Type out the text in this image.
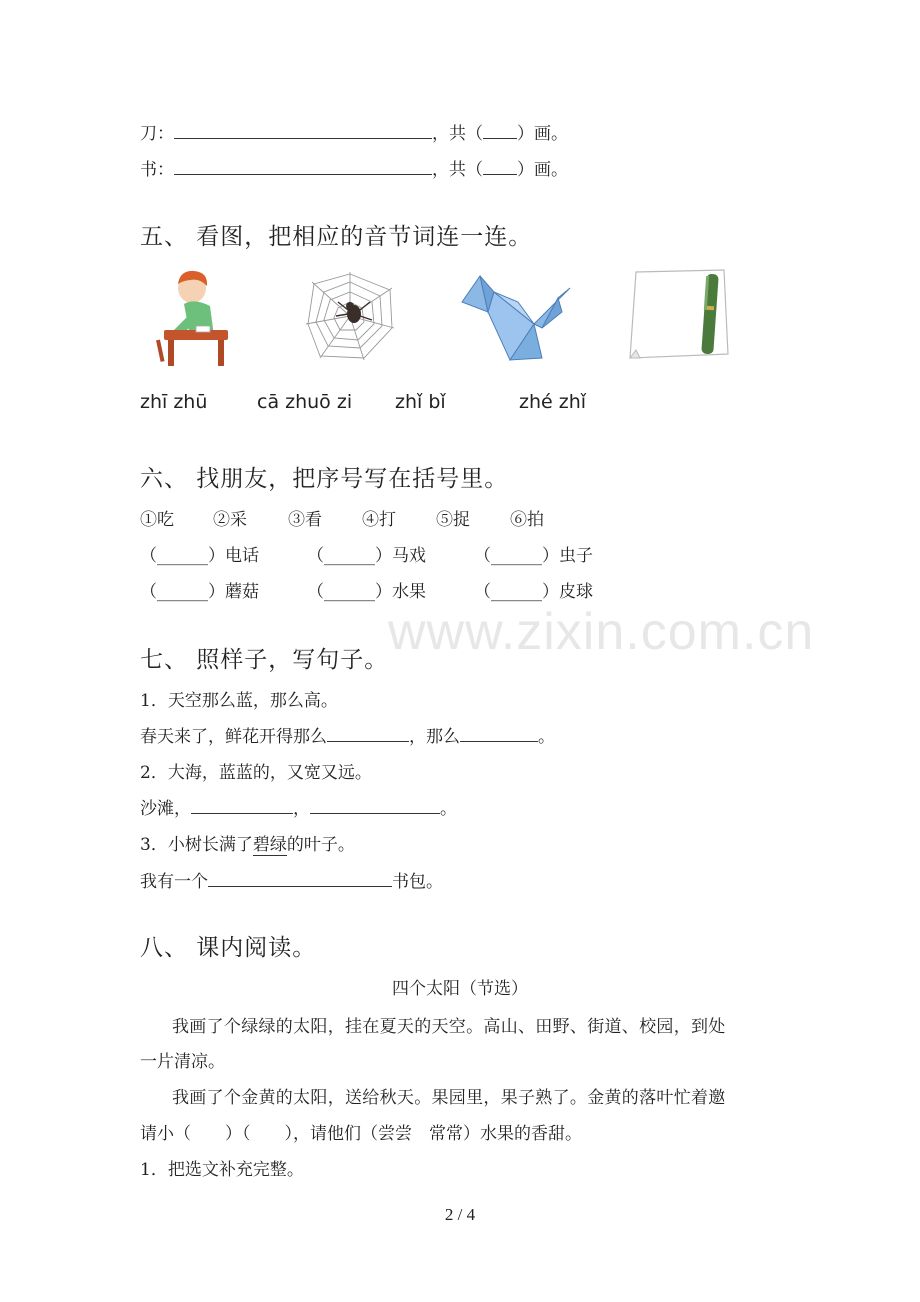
刀：	，共（ ）画。
书：	，共（ ）画。
五、 看图，把相应的音节词连一连。
zhī zhū	cā zhuō zi zhǐ bǐ	zhé zhǐ
六、 找朋友，把序号写在括号里。
①吃 ②采 ③看 ④打 ⑤捉 ⑥拍
（______）电话	（______）马戏	（______）虫子
（______）蘑菇	（______）水果	（______）皮球
www.zixin.com.cn
七、 照样子，写句子。
1．天空那么蓝，那么高。
春天来了，鲜花开得那么	，那么	。
2．大海，蓝蓝的，又宽又远。
沙滩，	，	。
3．小树长满了碧绿的叶子。
我有一个	书包。
八、 课内阅读。
四个太阳（节选）
我画了个绿绿的太阳，挂在夏天的天空。高山、田野、街道、校园，到处
一片清凉。
我画了个金黄的太阳，送给秋天。果园里，果子熟了。金黄的落叶忙着邀
请小（　　）（　　），请他们（尝尝　常常）水果的香甜。
1．把选文补充完整。
2 / 4
